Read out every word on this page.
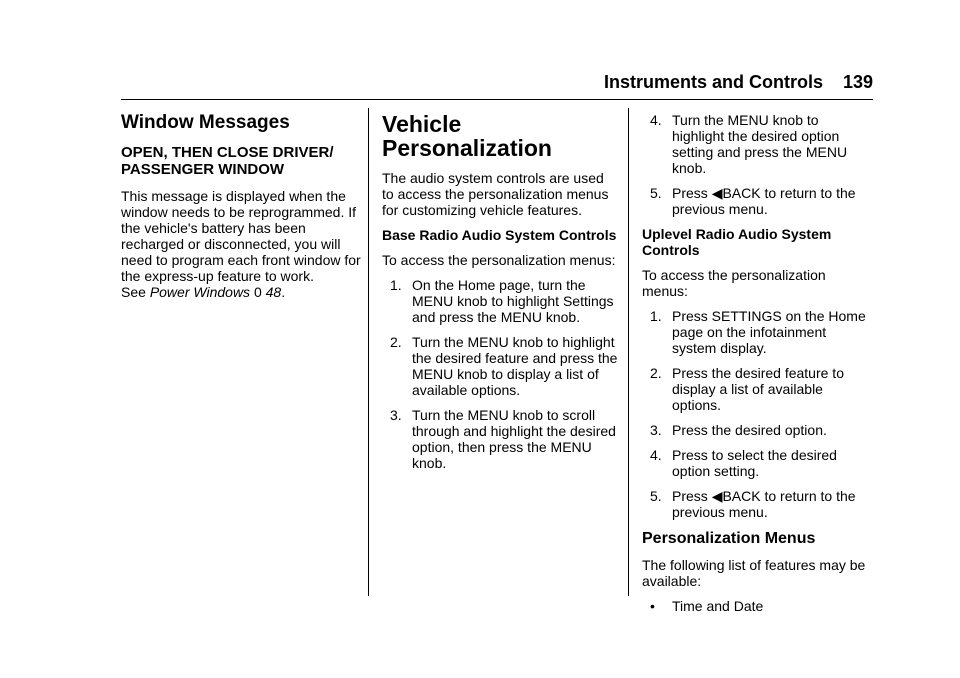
Instruments and Controls 139
Window Messages
OPEN, THEN CLOSE DRIVER/ PASSENGER WINDOW

This message is displayed when the window needs to be reprogrammed. If the vehicle's battery has been recharged or disconnected, you will need to program each front window for the express-up feature to work.

See Power Windows 0 48.

Vehicle
Personalization

The audio system controls are used to access the personalization menus for customizing vehicle features.

Base Radio Audio System Controls

To access the personalization menus:

1. On the Home page, turn the MENU knob to highlight Settings and press the MENU knob.
2. Turn the MENU knob to highlight the desired feature and press the MENU knob to display a list of available options.
3. Turn the MENU knob to scroll through and highlight the desired option, then press the MENU knob.
4. Turn the MENU knob to highlight the desired option setting and press the MENU knob.
5. Press ◀BACK to return to the previous menu.
Uplevel Radio Audio System Controls

To access the personalization menus:

1. Press SETTINGS on the Home page on the infotainment system display.
2. Press the desired feature to display a list of available options.
3. Press the desired option.
4. Press to select the desired option setting.
5. Press ◀BACK to return to the previous menu.
Personalization Menus

The following list of features may be available:

• Time and Date
